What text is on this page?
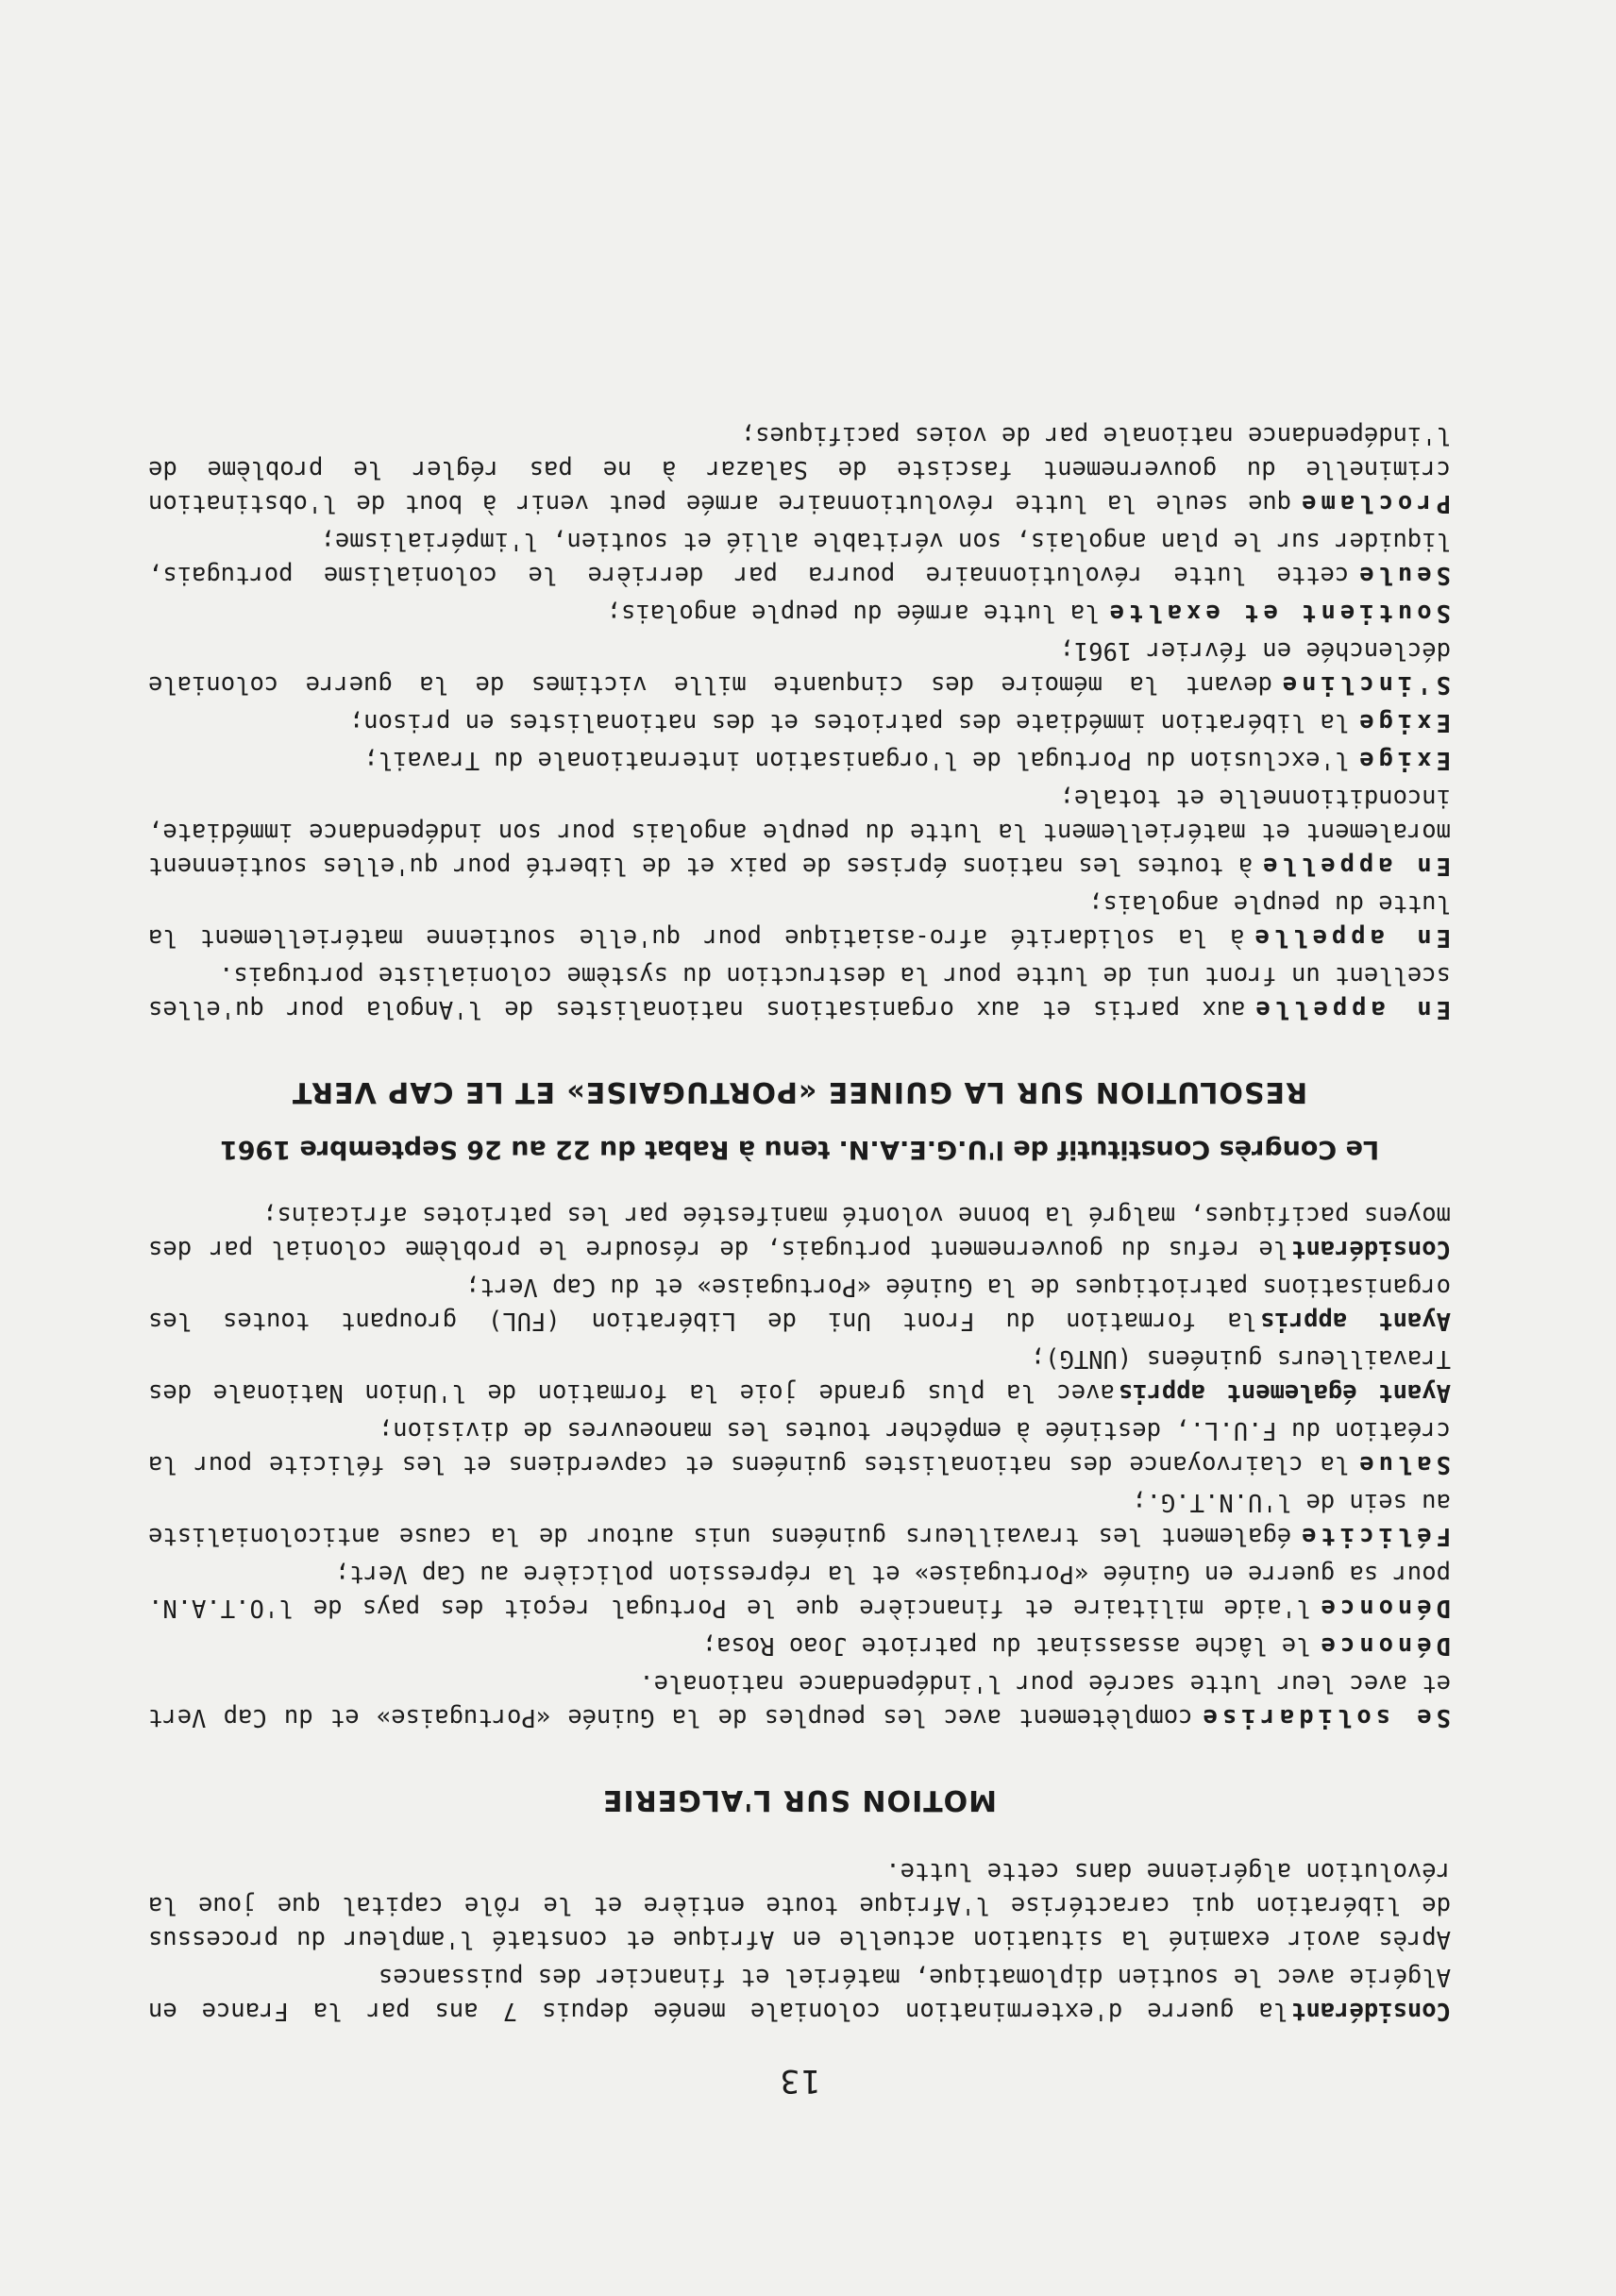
13

Considérantla guerre d'extermination coloniale menée depuis 7 ans par la France en Algérie avec le soutien diplomatique, matériel et financier des puissances

Après avoir examiné la situation actuelle en Afrique et constaté l'ampleur du processus de libération qui caractérise l'Afrique toute entière et le rôle capital que joue la révolution algérienne dans cette lutte.

MOTION SUR L'ALGERIE

Se solidarisecomplètement avec les peuples de la Guinée «Portugaise» et du Cap Vert et avec leur lutte sacrée pour l'indépendance nationale.

Dénoncele lâche assassinat du patriote Joao Rosa;

Dénoncel'aide militaire et financière que le Portugal reçoit des pays de l'O.T.A.N. pour sa guerre en Guinée «Portugaise» et la répression policière au Cap Vert;

Féliciteégalement les travailleurs guinéens unis autour de la cause anticolonialiste au sein de l'U.N.T.G.;

Saluela clairvoyance des nationalistes guinéens et capverdiens et les félicite pour la création du F.U.L., destinée à empêcher toutes les manoeuvres de division;

Ayant également apprisavec la plus grande joie la formation de l'Union Nationale des Travailleurs guinéens (UNTG);

Ayant apprisla formation du Front Uni de Libération (FUL) groupant toutes les organisations patriotiques de la Guinée «Portugaise» et du Cap Vert;

Considérantle refus du gouvernement portugais, de résoudre le problème colonial par des moyens pacifiques, malgré la bonne volonté manifestée par les patriotes africains;

Le Congrès Constitutif de l'U.G.E.A.N. tenu à Rabat du 22 au 26 Septembre 1961
RESOLUTION SUR LA GUINEE «PORTUGAISE» ET LE CAP VERT

En appelleaux partis et aux organisations nationalistes de l'Angola pour qu'elles scellent un front uni de lutte pour la destruction du système colonialiste portugais.

En appelleà la solidarité afro-asiatique pour qu'elle soutienne matériellement la lutte du peuple angolais;

En appelleà toutes les nations éprises de paix et de liberté pour qu'elles soutiennent moralement et matériellement la lutte du peuple angolais pour son indépendance immédiate, inconditionnelle et totale;

Exigel'exclusion du Portugal de l'organisation internationale du Travail;

Exigela libération immédiate des patriotes et des nationalistes en prison;

S'inclinedevant la mémoire des cinquante mille victimes de la guerre coloniale déclenchée en février 1961;

Soutient et exaltela lutte armée du peuple angolais;

Seulecette lutte révolutionnaire pourra par derrière le colonialisme portugais, liquider sur le plan angolais, son véritable allié et soutien, l'impérialisme;

Proclameque seule la lutte révolutionnaire armée peut venir à bout de l'obstination criminelle du gouvernement fasciste de Salazar à ne pas régler le problème de l'indépendance nationale par de voies pacifiques;
